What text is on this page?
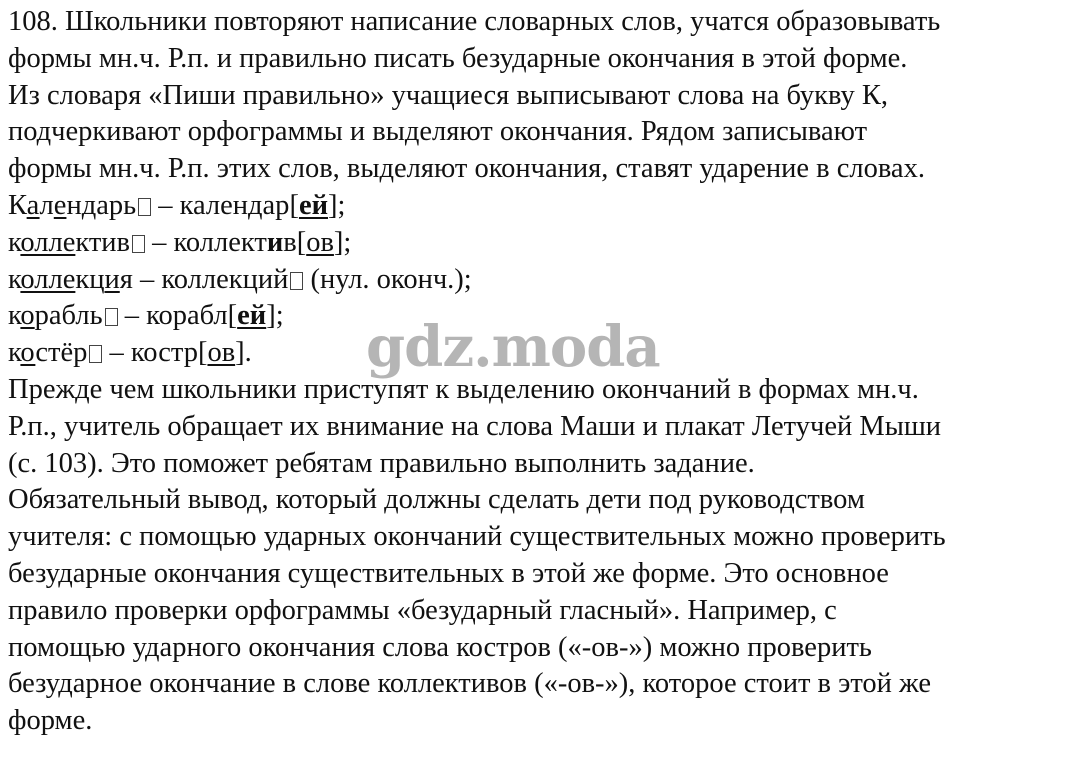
108. Школьники повторяют написание словарных слов, учатся образовывать
формы мн.ч. Р.п. и правильно писать безударные окончания в этой форме.
Из словаря «Пиши правильно» учащиеся выписывают слова на букву К,
подчеркивают орфограммы и выделяют окончания. Рядом записывают
формы мн.ч. Р.п. этих слов, выделяют окончания, ставят ударение в словах.
Календарь – календар[ей];
коллектив – коллектив[ов];
коллекция – коллекций (нул. оконч.);
корабль – корабл[ей];
костёр – костр[ов].
Прежде чем школьники приступят к выделению окончаний в формах мн.ч.
Р.п., учитель обращает их внимание на слова Маши и плакат Летучей Мыши
(с. 103). Это поможет ребятам правильно выполнить задание.
Обязательный вывод, который должны сделать дети под руководством
учителя: с помощью ударных окончаний существительных можно проверить
безударные окончания существительных в этой же форме. Это основное
правило проверки орфограммы «безударный гласный». Например, с
помощью ударного окончания слова костров («-ов-») можно проверить
безударное окончание в слове коллективов («-ов-»), которое стоит в этой же
форме.
gdz.moda
